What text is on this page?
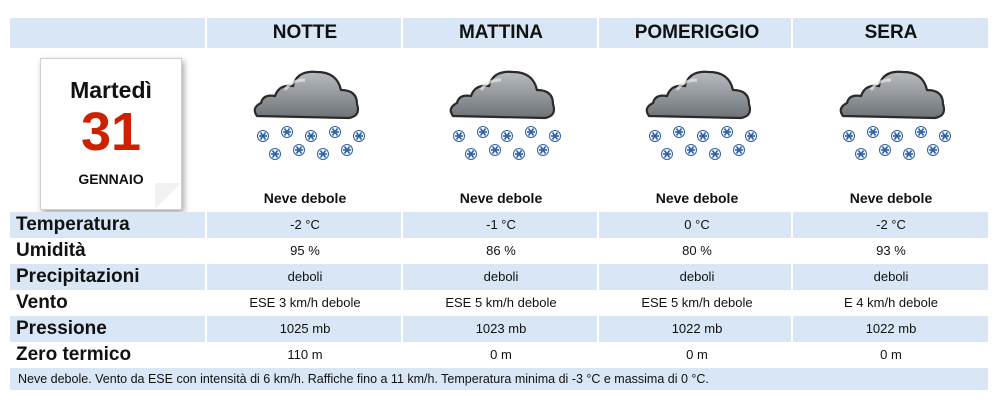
NOTTE	MATTINA	POMERIGGIO	SERA
Martedì
31
GENNAIO
Neve debole	Neve debole	Neve debole	Neve debole
Temperatura	-2 °C	-1 °C	0 °C	-2 °C
Umidità	95 %	86 %	80 %	93 %
Precipitazioni	deboli	deboli	deboli	deboli
Vento	ESE 3 km/h debole	ESE 5 km/h debole	ESE 5 km/h debole	E 4 km/h debole
Pressione	1025 mb	1023 mb	1022 mb	1022 mb
Zero termico	110 m	0 m	0 m	0 m
Neve debole. Vento da ESE con intensità di 6 km/h. Raffiche fino a 11 km/h. Temperatura minima di -3 °C e massima di 0 °C.
